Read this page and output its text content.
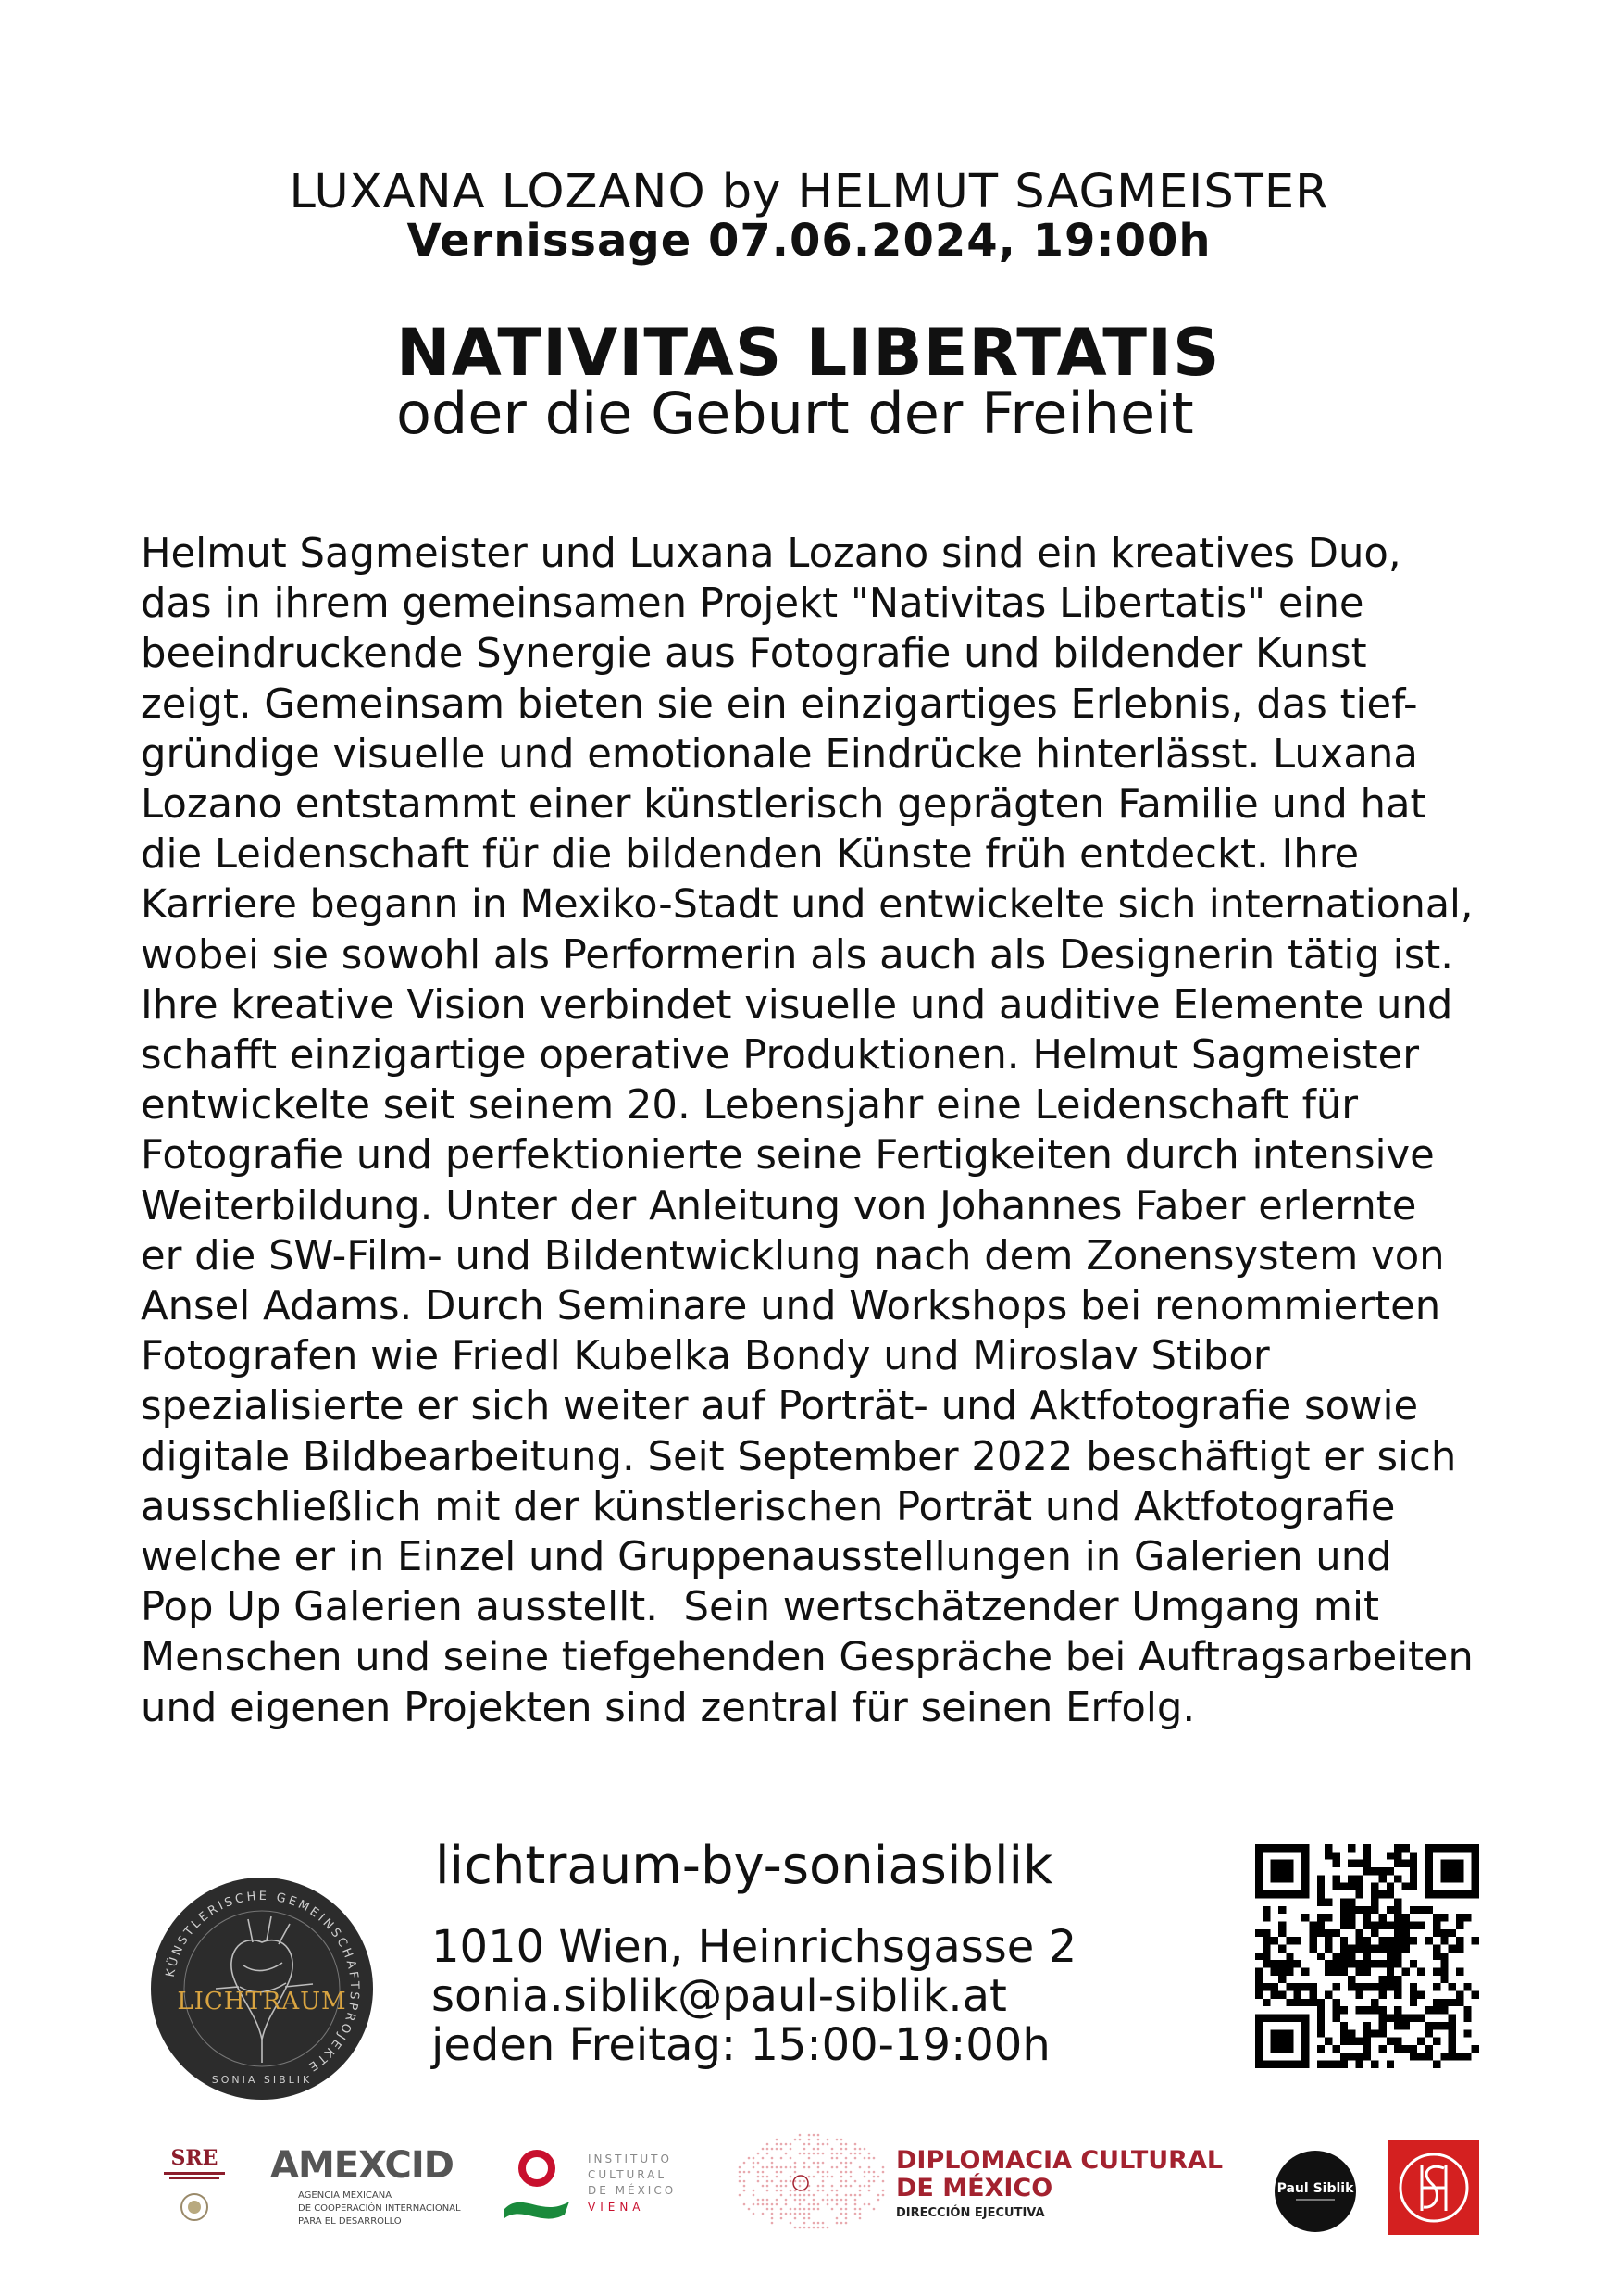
LUXANA LOZANO by HELMUT SAGMEISTER
Vernissage 07.06.2024, 19:00h
NATIVITAS LIBERTATIS
oder die Geburt der Freiheit
Helmut Sagmeister und Luxana Lozano sind ein kreatives Duo,
das in ihrem gemeinsamen Projekt "Nativitas Libertatis" eine
beeindruckende Synergie aus Fotografie und bildender Kunst
zeigt. Gemeinsam bieten sie ein einzigartiges Erlebnis, das tief-
gründige visuelle und emotionale Eindrücke hinterlässt. Luxana
Lozano entstammt einer künstlerisch geprägten Familie und hat
die Leidenschaft für die bildenden Künste früh entdeckt. Ihre
Karriere begann in Mexiko-Stadt und entwickelte sich international,
wobei sie sowohl als Performerin als auch als Designerin tätig ist.
Ihre kreative Vision verbindet visuelle und auditive Elemente und
schafft einzigartige operative Produktionen. Helmut Sagmeister
entwickelte seit seinem 20. Lebensjahr eine Leidenschaft für
Fotografie und perfektionierte seine Fertigkeiten durch intensive
Weiterbildung. Unter der Anleitung von Johannes Faber erlernte
er die SW-Film- und Bildentwicklung nach dem Zonensystem von
Ansel Adams. Durch Seminare und Workshops bei renommierten
Fotografen wie Friedl Kubelka Bondy und Miroslav Stibor
spezialisierte er sich weiter auf Porträt- und Aktfotografie sowie
digitale Bildbearbeitung. Seit September 2022 beschäftigt er sich
ausschließlich mit der künstlerischen Porträt und Aktfotografie
welche er in Einzel und Gruppenausstellungen in Galerien und
Pop Up Galerien ausstellt.  Sein wertschätzender Umgang mit
Menschen und seine tiefgehenden Gespräche bei Auftragsarbeiten
und eigenen Projekten sind zentral für seinen Erfolg.
KÜNSTLERISCHE GEMEINSCHAFTSPROJEKTE
LICHTRAUM
SONIA SIBLIK
lichtraum-by-soniasiblik
1010 Wien, Heinrichsgasse 2
sonia.siblik@paul-siblik.at
jeden Freitag: 15:00-19:00h
SRE AMEXCID
AGENCIA MEXICANA
DE COOPERACIÓN INTERNACIONAL
PARA EL DESARROLLO
INSTITUTO
CULTURAL
DE MÉXICO
VIENA
DIPLOMACIA CULTURAL
DE MÉXICO
DIRECCIÓN EJECUTIVA
Paul Siblik
